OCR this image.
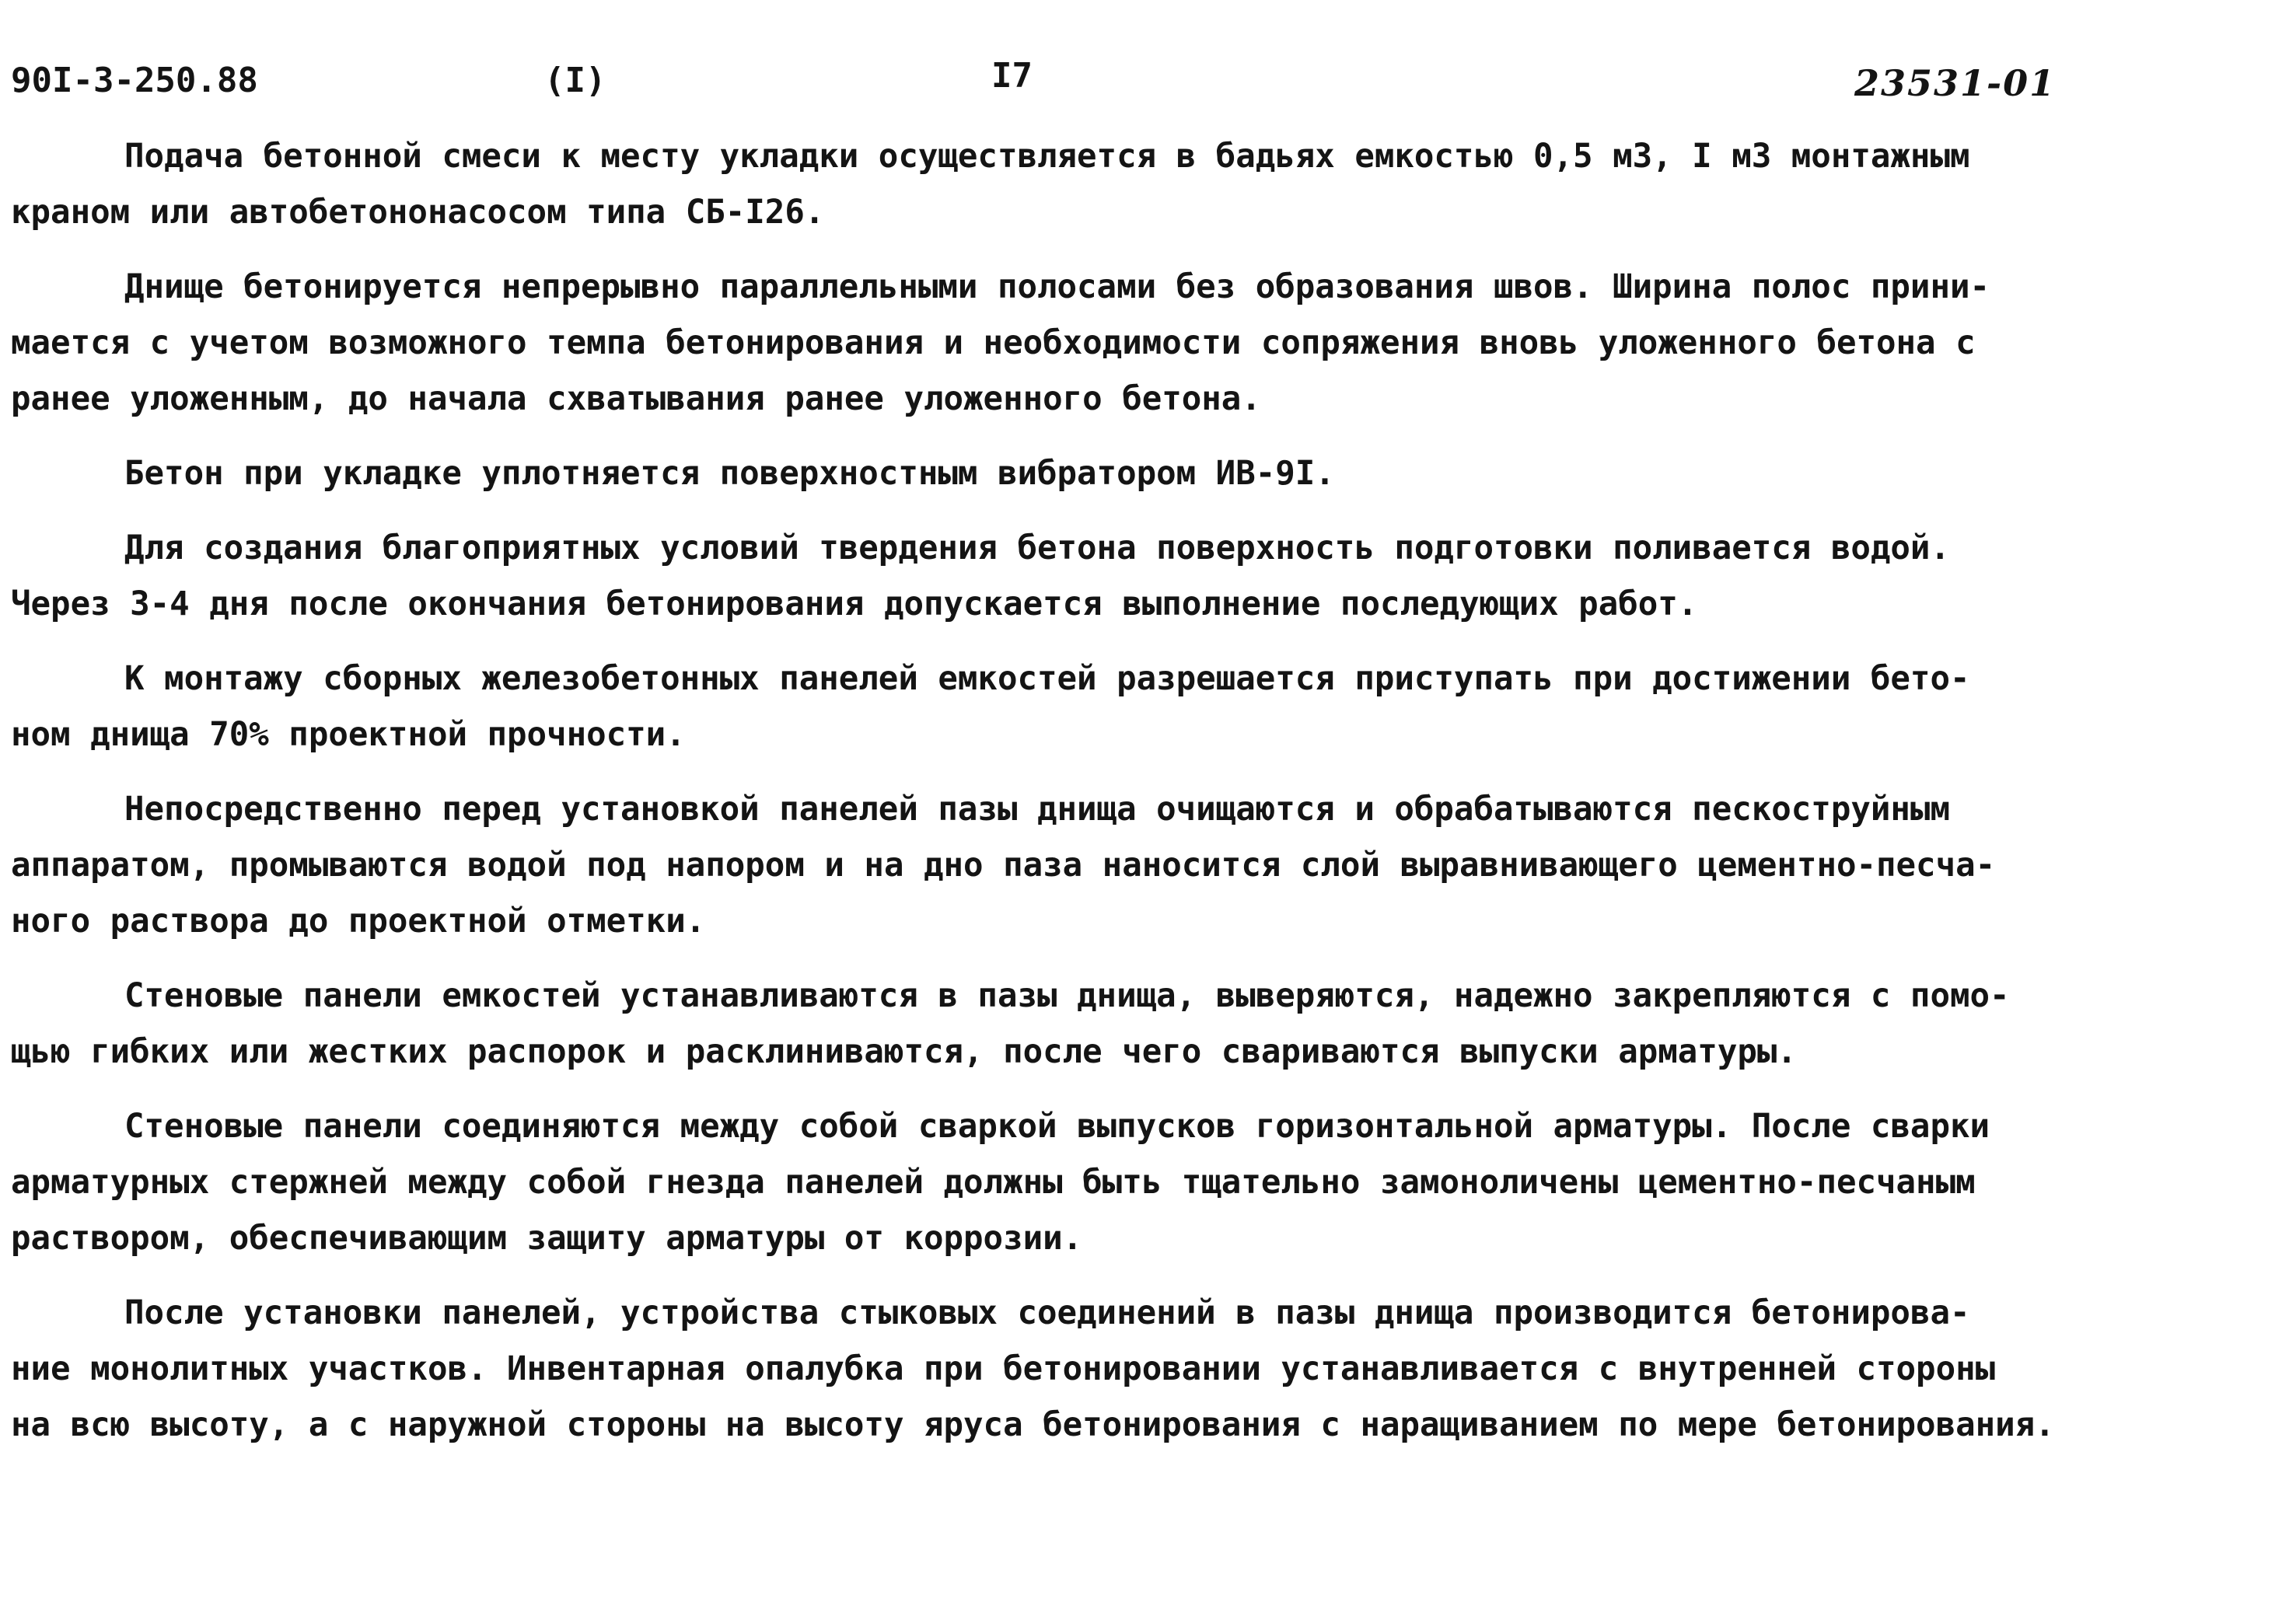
90I-3-250.88	(I)	I7	23531-01

Подача бетонной смеси к месту укладки осуществляется в бадьях емкостью 0,5 м3, I м3 монтажным
краном или автобетононасосом типа СБ-I26.

Днище бетонируется непрерывно параллельными полосами без образования швов. Ширина полос прини-
мается с учетом возможного темпа бетонирования и необходимости сопряжения вновь уложенного бетона с
ранее уложенным, до начала схватывания ранее уложенного бетона.

Бетон при укладке уплотняется поверхностным вибратором ИВ-9I.

Для создания благоприятных условий твердения бетона поверхность подготовки поливается водой.
Через 3-4 дня после окончания бетонирования допускается выполнение последующих работ.

К монтажу сборных железобетонных панелей емкостей разрешается приступать при достижении бето-
ном днища 70% проектной прочности.

Непосредственно перед установкой панелей пазы днища очищаются и обрабатываются пескоструйным
аппаратом, промываются водой под напором и на дно паза наносится слой выравнивающего цементно-песча-
ного раствора до проектной отметки.

Стеновые панели емкостей устанавливаются в пазы днища, выверяются, надежно закрепляются с помо-
щью гибких или жестких распорок и расклиниваются, после чего свариваются выпуски арматуры.

Стеновые панели соединяются между собой сваркой выпусков горизонтальной арматуры. После сварки
арматурных стержней между собой гнезда панелей должны быть тщательно замоноличены цементно-песчаным
раствором, обеспечивающим защиту арматуры от коррозии.

После установки панелей, устройства стыковых соединений в пазы днища производится бетонирова-
ние монолитных участков. Инвентарная опалубка при бетонировании устанавливается с внутренней стороны
на всю высоту, а с наружной стороны на высоту яруса бетонирования с наращиванием по мере бетонирования.
